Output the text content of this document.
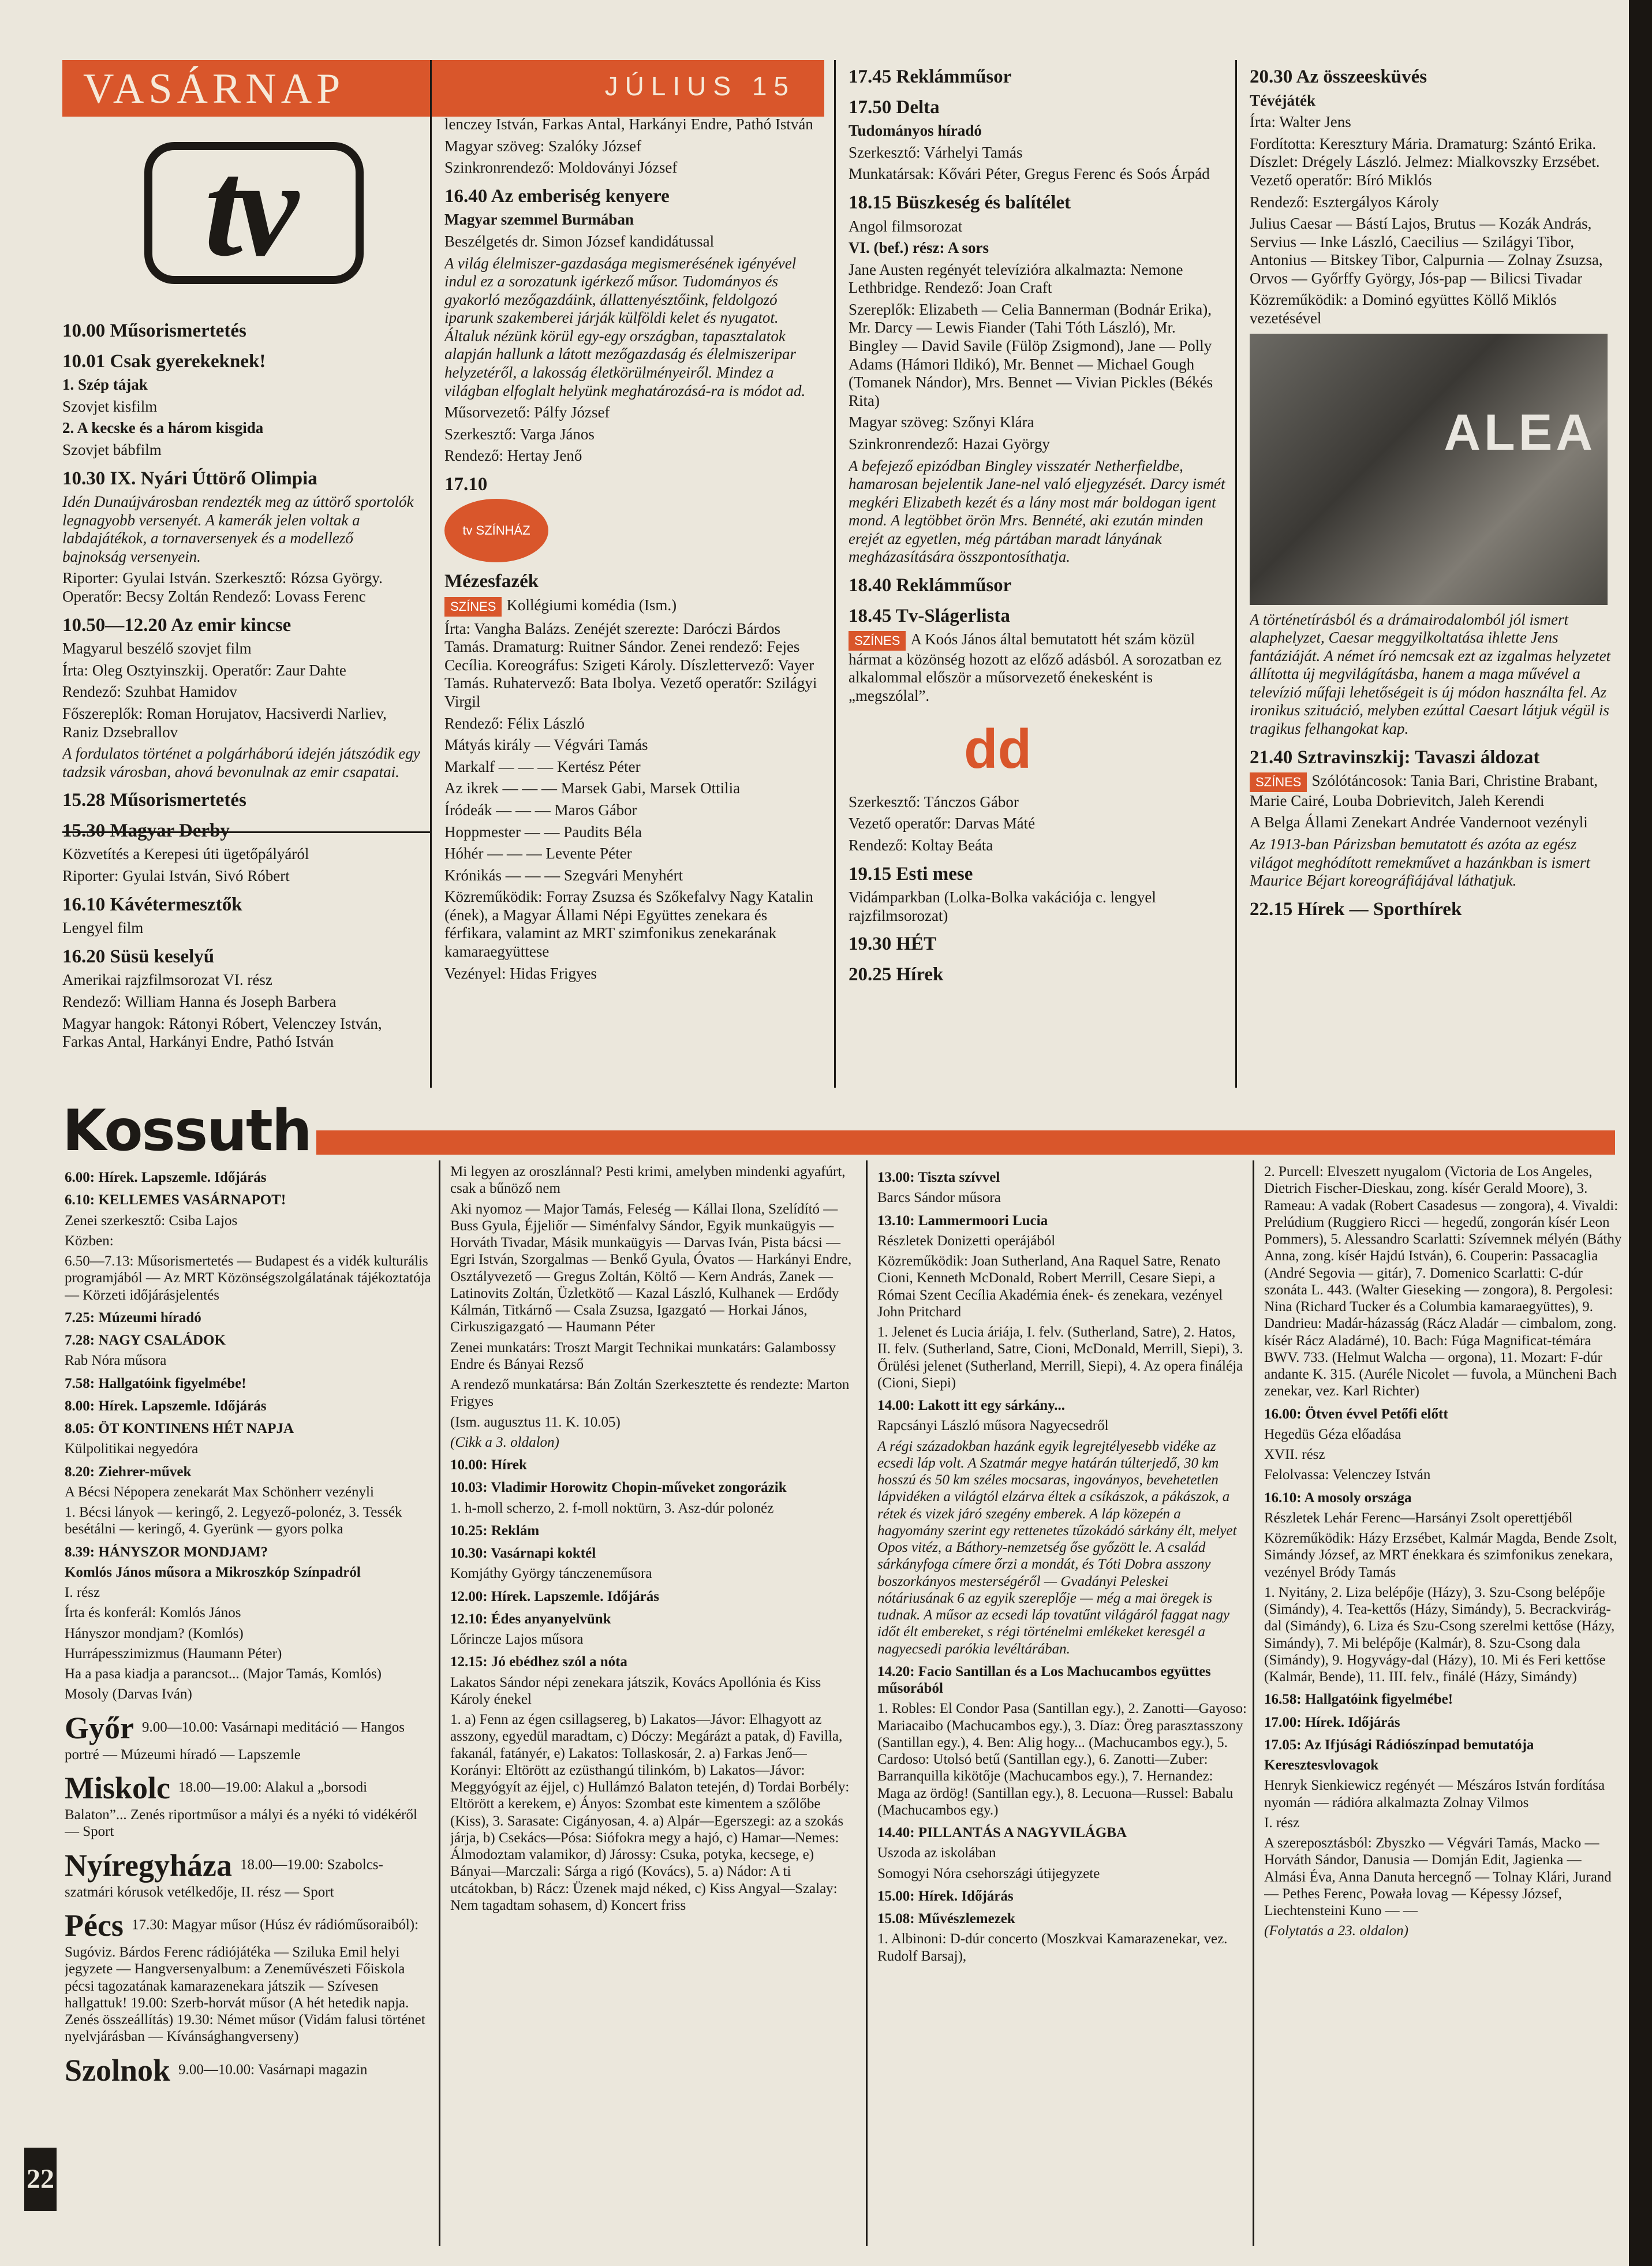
VASÁRNAP	JÚLIUS 15
tv

10.00 Műsorismertetés

10.01 Csak gyerekeknek!

1. Szép tájak

Szovjet kisfilm

2. A kecske és a három kisgida

Szovjet bábfilm

10.30 IX. Nyári Úttörő Olimpia

Idén Dunaújvárosban rendezték meg az úttörő sportolók legnagyobb versenyét. A kamerák jelen voltak a labdajátékok, a tornaversenyek és a modellező bajnokság versenyein.

Riporter: Gyulai István. Szerkesztő: Rózsa György. Operatőr: Becsy Zoltán Rendező: Lovass Ferenc

10.50—12.20 Az emir kincse

Magyarul beszélő szovjet film

Írta: Oleg Osztyinszkij. Operatőr: Zaur Dahte

Rendező: Szuhbat Hamidov

Főszereplők: Roman Horujatov, Hacsiverdi Narliev, Raniz Dzsebrallov

A fordulatos történet a polgárháború idején játszódik egy tadzsik városban, ahová bevonulnak az emir csapatai.

15.28 Műsorismertetés

15.30 Magyar Derby

Közvetítés a Kerepesi úti ügetőpályáról

Riporter: Gyulai István, Sivó Róbert

16.10 Kávétermesztők

Lengyel film

16.20 Süsü keselyű

Amerikai rajzfilmsorozat VI. rész

Rendező: William Hanna és Joseph Barbera

Magyar hangok: Rátonyi Róbert, Velenczey István, Farkas Antal, Harkányi Endre, Pathó István

lenczey István, Farkas Antal, Harkányi Endre, Pathó István

Magyar szöveg: Szalóky József

Szinkronrendező: Moldoványi József

16.40 Az emberiség kenyere

Magyar szemmel Burmában

Beszélgetés dr. Simon József kandidátussal

A világ élelmiszer-gazdasága megismerésének igényével indul ez a sorozatunk igérkező műsor. Tudományos és gyakorló mezőgazdáink, állattenyésztőink, feldolgozó iparunk szakemberei járják külföldi kelet és nyugatot. Általuk nézünk körül egy-egy országban, tapasztalatok alapján hallunk a látott mezőgazdaság és élelmiszeripar helyzetéről, a lakosság életkörülményeiről. Mindez a világban elfoglalt helyünk meghatározásá-ra is módot ad.

Műsorvezető: Pálfy József

Szerkesztő: Varga János

Rendező: Hertay Jenő

17.10

tv SZÍNHÁZ

Mézesfazék

SZÍNES Kollégiumi komédia (Ism.)

Írta: Vangha Balázs. Zenéjét szerezte: Daróczi Bárdos Tamás. Dramaturg: Ruitner Sándor. Zenei rendező: Fejes Cecília. Koreográfus: Szigeti Károly. Díszlettervező: Vayer Tamás. Ruhatervező: Bata Ibolya. Vezető operatőr: Szilágyi Virgil

Rendező: Félix László

Mátyás király — Végvári Tamás

Markalf — — — Kertész Péter

Az ikrek — — — Marsek Gabi, Marsek Ottilia

Íródeák — — — Maros Gábor

Hoppmester — — Paudits Béla

Hóhér — — — Levente Péter

Krónikás — — — Szegvári Menyhért

Közreműködik: Forray Zsuzsa és Szőkefalvy Nagy Katalin (ének), a Magyar Állami Népi Együttes zenekara és férfikara, valamint az MRT szimfonikus zenekarának kamaraegyüttese

Vezényel: Hidas Frigyes

17.45 Reklámműsor

17.50 Delta

Tudományos híradó

Szerkesztő: Várhelyi Tamás

Munkatársak: Kővári Péter, Gregus Ferenc és Soós Árpád

18.15 Büszkeség és balítélet

Angol filmsorozat

VI. (bef.) rész: A sors

Jane Austen regényét televízióra alkalmazta: Nemone Lethbridge. Rendező: Joan Craft

Szereplők: Elizabeth — Celia Bannerman (Bodnár Erika), Mr. Darcy — Lewis Fiander (Tahi Tóth László), Mr. Bingley — David Savile (Fülöp Zsigmond), Jane — Polly Adams (Hámori Ildikó), Mr. Bennet — Michael Gough (Tomanek Nándor), Mrs. Bennet — Vivian Pickles (Békés Rita)

Magyar szöveg: Szőnyi Klára

Szinkronrendező: Hazai György

A befejező epizódban Bingley visszatér Netherfieldbe, hamarosan bejelentik Jane-nel való eljegyzését. Darcy ismét megkéri Elizabeth kezét és a lány most már boldogan igent mond. A legtöbbet örön Mrs. Bennété, aki ezután minden erejét az egyetlen, még pártában maradt lányának megházasítására összpontosíthatja.

18.40 Reklámműsor

18.45 Tv-Slágerlista

SZÍNES A Koós János által bemutatott hét szám közül hármat a közönség hozott az előző adásból. A sorozatban ez alkalommal először a műsorvezető énekesként is „megszólal”.

dd

Szerkesztő: Tánczos Gábor

Vezető operatőr: Darvas Máté

Rendező: Koltay Beáta

19.15 Esti mese

Vidámparkban (Lolka-Bolka vakációja c. lengyel rajzfilmsorozat)

19.30 HÉT

20.25 Hírek

20.30 Az összeesküvés

Tévéjáték

Írta: Walter Jens

Fordította: Keresztury Mária. Dramaturg: Szántó Erika. Díszlet: Drégely László. Jelmez: Mialkovszky Erzsébet. Vezető operatőr: Bíró Miklós

Rendező: Esztergályos Károly

Julius Caesar — Bástí Lajos, Brutus — Kozák András, Servius — Inke László, Caecilius — Szilágyi Tibor, Antonius — Bitskey Tibor, Calpurnia — Zolnay Zsuzsa, Orvos — Győrffy György, Jós-pap — Bilicsi Tivadar

Közreműködik: a Dominó együttes Köllő Miklós vezetésével

ALEA

A történetírásból és a drámairodalomból jól ismert alaphelyzet, Caesar meggyilkoltatása ihlette Jens fantáziáját. A német író nemcsak ezt az izgalmas helyzetet állította új megvilágításba, hanem a maga művével a televízió műfaji lehetőségeit is új módon használta fel. Az ironikus szituáció, melyben ezúttal Caesart látjuk végül is tragikus felhangokat kap.

21.40 Sztravinszkij: Tavaszi áldozat

SZÍNES Szólótáncosok: Tania Bari, Christine Brabant, Marie Cairé, Louba Dobrievitch, Jaleh Kerendi

A Belga Állami Zenekart Andrée Vandernoot vezényli

Az 1913-ban Párizsban bemutatott és azóta az egész világot meghódított remekművet a hazánkban is ismert Maurice Béjart koreográfiájával láthatjuk.

22.15 Hírek — Sporthírek

Kossuth

6.00: Hírek. Lapszemle. Időjárás

6.10: KELLEMES VASÁRNAPOT!

Zenei szerkesztő: Csiba Lajos

Közben:

6.50—7.13: Műsorismertetés — Budapest és a vidék kulturális programjából — Az MRT Közönségszolgálatának tájékoztatója — Körzeti időjárásjelentés

7.25: Múzeumi híradó

7.28: NAGY CSALÁDOK

Rab Nóra műsora

7.58: Hallgatóink figyelmébe!

8.00: Hírek. Lapszemle. Időjárás

8.05: ÖT KONTINENS HÉT NAPJA

Külpolitikai negyedóra

8.20: Ziehrer-művek

A Bécsi Népopera zenekarát Max Schönherr vezényli

1. Bécsi lányok — keringő, 2. Legyező-polonéz, 3. Tessék besétálni — keringő, 4. Gyerünk — gyors polka

8.39: HÁNYSZOR MONDJAM?

Komlós János műsora a Mikroszkóp Színpadról

I. rész

Írta és konferál: Komlós János

Hányszor mondjam? (Komlós)

Hurrápesszimizmus (Haumann Péter)

Ha a pasa kiadja a parancsot... (Major Tamás, Komlós)

Mosoly (Darvas Iván)

Győr 9.00—10.00: Vasárnapi meditáció — Hangos portré — Múzeumi híradó — Lapszemle

Miskolc 18.00—19.00: Alakul a „borsodi Balaton”... Zenés riportműsor a mályi és a nyéki tó vidékéről — Sport

Nyíregyháza 18.00—19.00: Szabolcs-szatmári kórusok vetélkedője, II. rész — Sport

Pécs 17.30: Magyar műsor (Húsz év rádióműsoraiból): Sugóviz. Bárdos Ferenc rádiójátéka — Sziluka Emil helyi jegyzete — Hangversenyalbum: a Zeneművészeti Főiskola pécsi tagozatának kamarazenekara játszik — Szívesen hallgattuk! 19.00: Szerb-horvát műsor (A hét hetedik napja. Zenés összeállítás) 19.30: Német műsor (Vidám falusi történet nyelvjárásban — Kívánsághangverseny)

Szolnok 9.00—10.00: Vasárnapi magazin

Mi legyen az oroszlánnal? Pesti krimi, amelyben mindenki agyafúrt, csak a bűnöző nem

Aki nyomoz — Major Tamás, Feleség — Kállai Ilona, Szelídító — Buss Gyula, Éjjeliőr — Siménfalvy Sándor, Egyik munkaügyis — Horváth Tivadar, Másik munkaügyis — Darvas Iván, Pista bácsi — Egri István, Szorgalmas — Benkő Gyula, Óvatos — Harkányi Endre, Osztályvezető — Gregus Zoltán, Költő — Kern András, Zanek — Latinovits Zoltán, Üzletkötő — Kazal László, Kulhanek — Erdődy Kálmán, Titkárnő — Csala Zsuzsa, Igazgató — Horkai János, Cirkuszigazgató — Haumann Péter

Zenei munkatárs: Troszt Margit Technikai munkatárs: Galambossy Endre és Bányai Rezső

A rendező munkatársa: Bán Zoltán Szerkesztette és rendezte: Marton Frigyes

(Ism. augusztus 11. K. 10.05)

(Cikk a 3. oldalon)

10.00: Hírek

10.03: Vladimir Horowitz Chopin-műveket zongorázik

1. h-moll scherzo, 2. f-moll noktürn, 3. Asz-dúr polonéz

10.25: Reklám

10.30: Vasárnapi koktél

Komjáthy György tánczeneműsora

12.00: Hírek. Lapszemle. Időjárás

12.10: Édes anyanyelvünk

Lőrincze Lajos műsora

12.15: Jó ebédhez szól a nóta

Lakatos Sándor népi zenekara játszik, Kovács Apollónia és Kiss Károly énekel

1. a) Fenn az égen csillagsereg, b) Lakatos—Jávor: Elhagyott az asszony, egyedül maradtam, c) Dóczy: Megárázt a patak, d) Favilla, fakanál, fatányér, e) Lakatos: Tollaskosár, 2. a) Farkas Jenő—Korányi: Eltörött az ezüsthangú tilinkóm, b) Lakatos—Jávor: Meggyógyít az éjjel, c) Hullámzó Balaton tetején, d) Tordai Borbély: Eltörött a kerekem, e) Ányos: Szombat este kimentem a szőlőbe (Kiss), 3. Sarasate: Cigányosan, 4. a) Alpár—Egerszegi: az a szokás járja, b) Csekács—Pósa: Siófokra megy a hajó, c) Hamar—Nemes: Álmodoztam valamikor, d) Járossy: Csuka, potyka, kecsege, e) Bányai—Marczali: Sárga a rigó (Kovács), 5. a) Nádor: A ti utcátokban, b) Rácz: Üzenek majd néked, c) Kiss Angyal—Szalay: Nem tagadtam sohasem, d) Koncert friss

13.00: Tiszta szívvel

Barcs Sándor műsora

13.10: Lammermoori Lucia

Részletek Donizetti operájából

Közreműködik: Joan Sutherland, Ana Raquel Satre, Renato Cioni, Kenneth McDonald, Robert Merrill, Cesare Siepi, a Római Szent Cecília Akadémia ének- és zenekara, vezényel John Pritchard

1. Jelenet és Lucia áriája, I. felv. (Sutherland, Satre), 2. Hatos, II. felv. (Sutherland, Satre, Cioni, McDonald, Merrill, Siepi), 3. Őrülési jelenet (Sutherland, Merrill, Siepi), 4. Az opera fináléja (Cioni, Siepi)

14.00: Lakott itt egy sárkány...

Rapcsányi László műsora Nagyecsedről

A régi századokban hazánk egyik legrejtélyesebb vidéke az ecsedi láp volt. A Szatmár megye határán túlterjedő, 30 km hosszú és 50 km széles mocsaras, ingoványos, bevehetetlen lápvidéken a világtól elzárva éltek a csíkászok, a pákászok, a rétek és vizek járó szegény emberek. A láp közepén a hagyomány szerint egy rettenetes tűzokádó sárkány élt, melyet Opos vitéz, a Báthory-nemzetség őse győzött le. A család sárkányfoga címere őrzi a mondát, és Tóti Dobra asszony boszorkányos mesterségéről — Gvadányi Peleskei nótáriusának 6 az egyik szereplője — még a mai öregek is tudnak. A műsor az ecsedi láp tovatűnt világáról faggat nagy időt élt embereket, s régi történelmi emlékeket keresgél a nagyecsedi parókia levéltárában.

14.20: Facio Santillan és a Los Machucambos együttes műsorából

1. Robles: El Condor Pasa (Santillan egy.), 2. Zanotti—Gayoso: Mariacaibo (Machucambos egy.), 3. Díaz: Öreg parasztasszony (Santillan egy.), 4. Ben: Alig hogy... (Machucambos egy.), 5. Cardoso: Utolsó betű (Santillan egy.), 6. Zanotti—Zuber: Barranquilla kikötője (Machucambos egy.), 7. Hernandez: Maga az ördög! (Santillan egy.), 8. Lecuona—Russel: Babalu (Machucambos egy.)

14.40: PILLANTÁS A NAGYVILÁGBA

Uszoda az iskolában

Somogyi Nóra csehországi útijegyzete

15.00: Hírek. Időjárás

15.08: Művészlemezek

1. Albinoni: D-dúr concerto (Moszkvai Kamarazenekar, vez. Rudolf Barsaj),

2. Purcell: Elveszett nyugalom (Victoria de Los Angeles, Dietrich Fischer-Dieskau, zong. kísér Gerald Moore), 3. Rameau: A vadak (Robert Casadesus — zongora), 4. Vivaldi: Prelúdium (Ruggiero Ricci — hegedű, zongorán kísér Leon Pommers), 5. Alessandro Scarlatti: Szívemnek mélyén (Báthy Anna, zong. kísér Hajdú István), 6. Couperin: Passacaglia (André Segovia — gitár), 7. Domenico Scarlatti: C-dúr szonáta L. 443. (Walter Gieseking — zongora), 8. Pergolesi: Nina (Richard Tucker és a Columbia kamaraegyüttes), 9. Dandrieu: Madár-házasság (Rácz Aladár — cimbalom, zong. kísér Rácz Aladárné), 10. Bach: Fúga Magnificat-témára BWV. 733. (Helmut Walcha — orgona), 11. Mozart: F-dúr andante K. 315. (Auréle Nicolet — fuvola, a Müncheni Bach zenekar, vez. Karl Richter)

16.00: Ötven évvel Petőfi előtt

Hegedüs Géza előadása

XVII. rész

Felolvassa: Velenczey István

16.10: A mosoly országa

Részletek Lehár Ferenc—Harsányi Zsolt operettjéből

Közreműködik: Házy Erzsébet, Kalmár Magda, Bende Zsolt, Simándy József, az MRT énekkara és szimfonikus zenekara, vezényel Bródy Tamás

1. Nyitány, 2. Liza belépője (Házy), 3. Szu-Csong belépője (Simándy), 4. Tea-kettős (Házy, Simándy), 5. Becrackvirág-dal (Simándy), 6. Liza és Szu-Csong szerelmi kettőse (Házy, Simándy), 7. Mi belépője (Kalmár), 8. Szu-Csong dala (Simándy), 9. Hogyvágy-dal (Házy), 10. Mi és Feri kettőse (Kalmár, Bende), 11. III. felv., finálé (Házy, Simándy)

16.58: Hallgatóink figyelmébe!

17.00: Hírek. Időjárás

17.05: Az Ifjúsági Rádiószínpad bemutatója

Keresztesvlovagok

Henryk Sienkiewicz regényét — Mészáros István fordítása nyomán — rádióra alkalmazta Zolnay Vilmos

I. rész

A szereposztásból: Zbyszko — Végvári Tamás, Macko — Horváth Sándor, Danusia — Domján Edit, Jagienka — Almási Éva, Anna Danuta hercegnő — Tolnay Klári, Jurand — Pethes Ferenc, Powała lovag — Képessy József, Liechtensteini Kuno — —

(Folytatás a 23. oldalon)

22
